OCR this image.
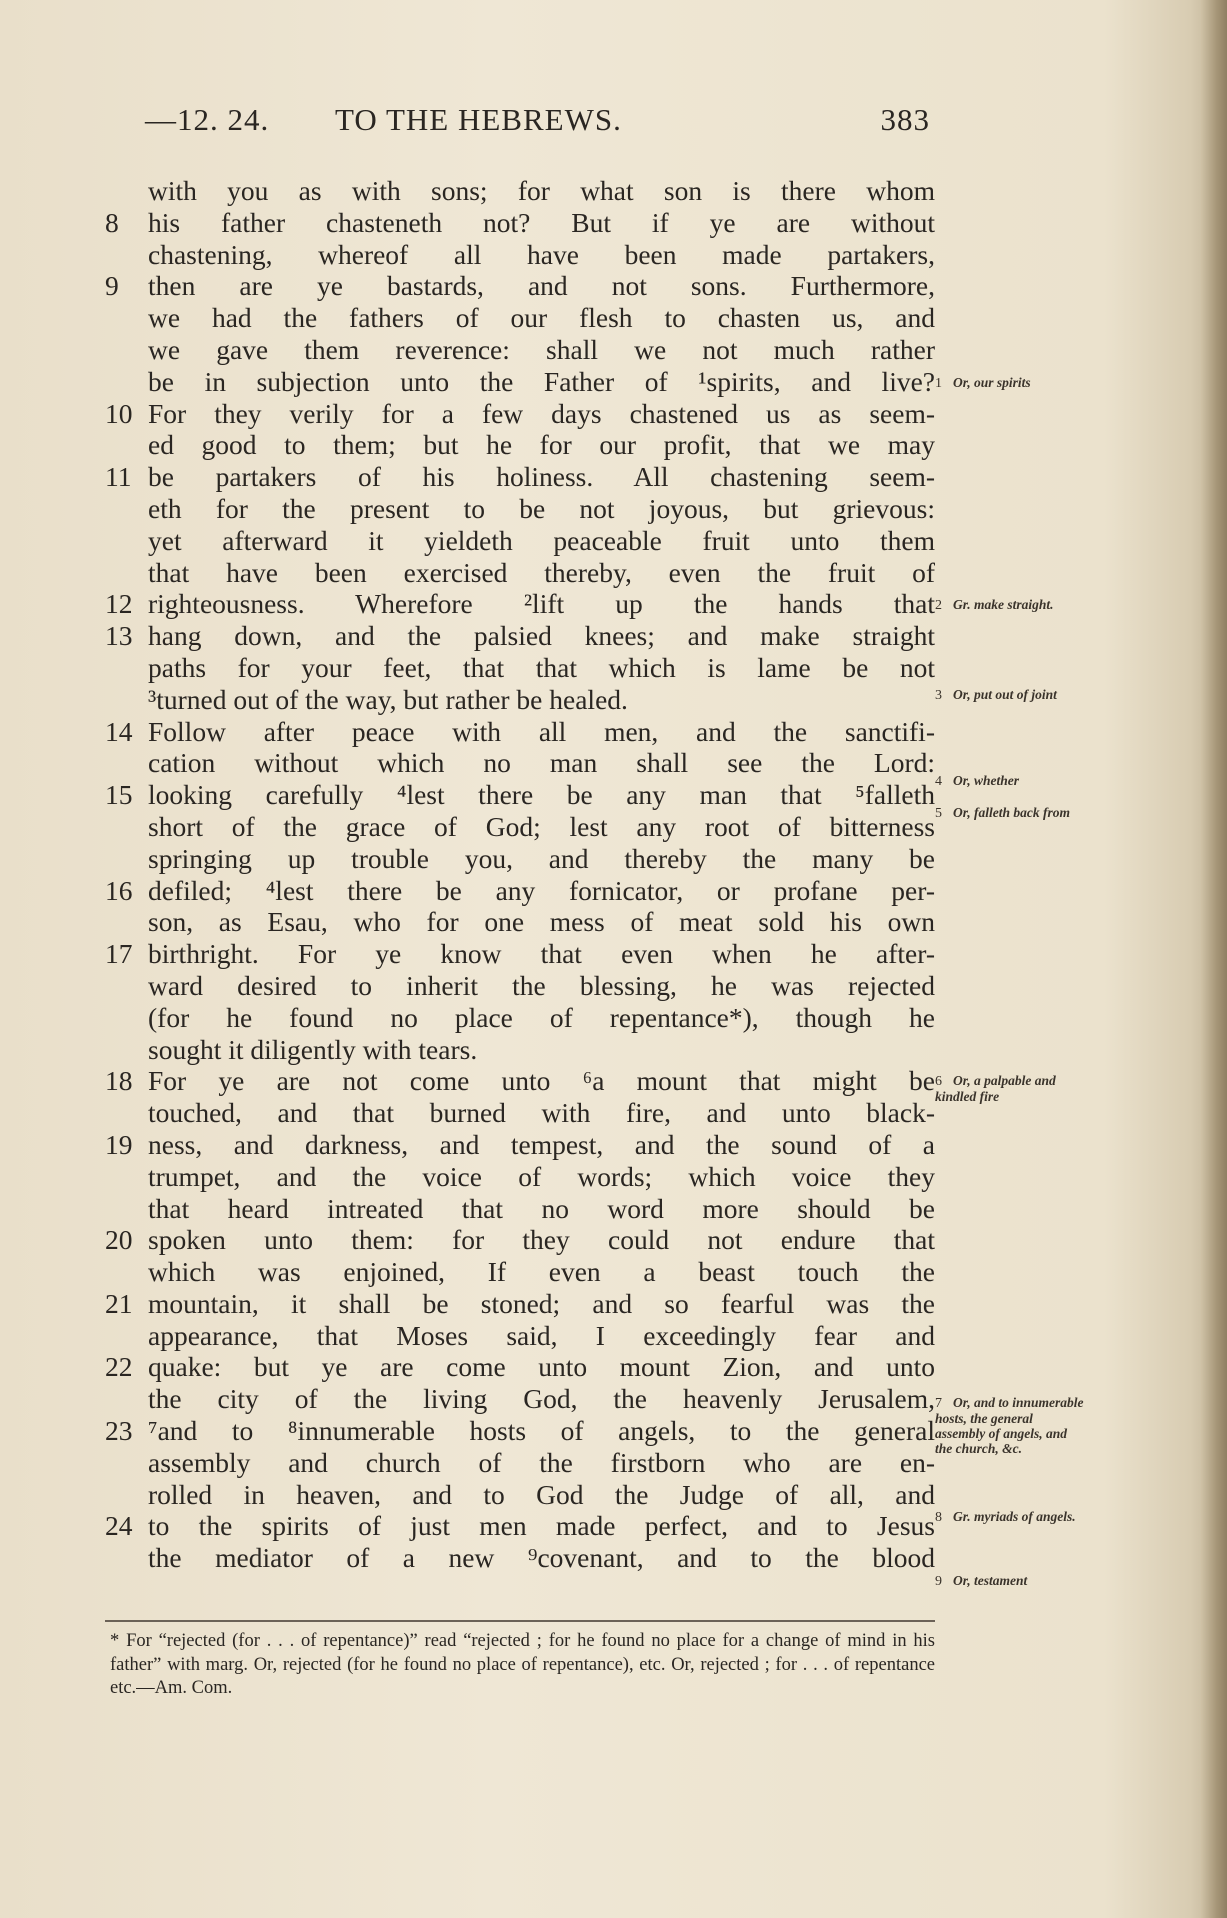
—12. 24. TO THE HEBREWS.	383
with you as with sons; for what son is there whom
8	his father chasteneth not? But if ye are without
chastening, whereof all have been made partakers,
9	then are ye bastards, and not sons. Furthermore,
we had the fathers of our flesh to chasten us, and
we gave them reverence: shall we not much rather
be in subjection unto the Father of ¹spirits, and live?
10 For they verily for a few days chastened us as seem-
ed good to them; but he for our profit, that we may
11 be partakers of his holiness. All chastening seem-
eth for the present to be not joyous, but grievous:
yet afterward it yieldeth peaceable fruit unto them
that have been exercised thereby, even the fruit of
12 righteousness. Wherefore ²lift up the hands that
13 hang down, and the palsied knees; and make straight
paths for your feet, that that which is lame be not
³turned out of the way, but rather be healed.
14 Follow after peace with all men, and the sanctifi-
cation without which no man shall see the Lord:
15 looking carefully ⁴lest there be any man that ⁵falleth
short of the grace of God; lest any root of bitterness
springing up trouble you, and thereby the many be
16 defiled; ⁴lest there be any fornicator, or profane per-
son, as Esau, who for one mess of meat sold his own
17 birthright. For ye know that even when he after-
ward desired to inherit the blessing, he was rejected
(for he found no place of repentance*), though he
sought it diligently with tears.
18 For ye are not come unto ⁶a mount that might be
touched, and that burned with fire, and unto black-
19 ness, and darkness, and tempest, and the sound of a
trumpet, and the voice of words; which voice they
that heard intreated that no word more should be
20 spoken unto them: for they could not endure that
which was enjoined, If even a beast touch the
21 mountain, it shall be stoned; and so fearful was the
appearance, that Moses said, I exceedingly fear and
22 quake: but ye are come unto mount Zion, and unto
the city of the living God, the heavenly Jerusalem,
23 ⁷and to ⁸innumerable hosts of angels, to the general
assembly and church of the firstborn who are en-
rolled in heaven, and to God the Judge of all, and
24 to the spirits of just men made perfect, and to Jesus
the mediator of a new ⁹covenant, and to the blood
1 Or, our spirits
2 Gr. make straight.
3 Or, put out of joint
4 Or, whether
5 Or, falleth back from
6 Or, a palpable and kindled fire
7 Or, and to innumerable hosts, the general assembly of angels, and the church, &c.
8 Gr. myriads of angels.
9 Or, testament
* For “rejected (for . . . of repentance)” read “rejected ; for he found no place for a change of mind in his father” with marg. Or, rejected (for he found no place of repentance), etc. Or, rejected ; for . . . of repentance etc.—Am. Com.
